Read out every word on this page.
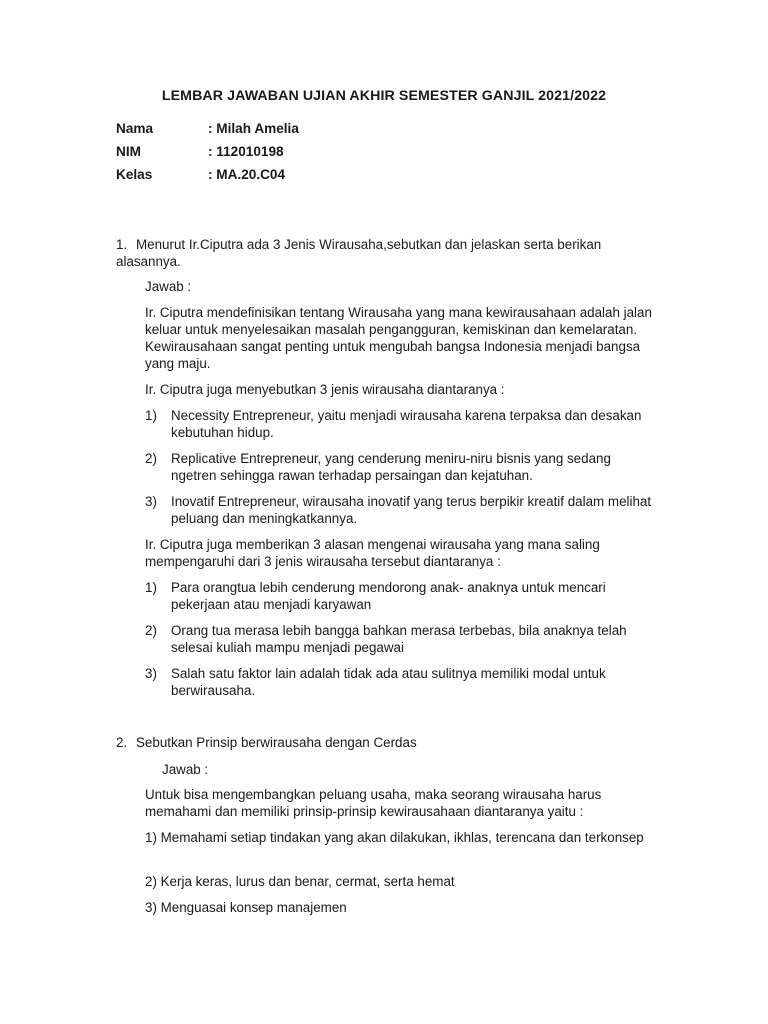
LEMBAR JAWABAN UJIAN AKHIR SEMESTER GANJIL 2021/2022
Nama	: Milah Amelia
NIM	: 112010198
Kelas	: MA.20.C04
1. Menurut Ir.Ciputra ada 3 Jenis Wirausaha,sebutkan dan jelaskan serta berikan alasannya.
Jawab :
Ir. Ciputra mendefinisikan tentang Wirausaha yang mana kewirausahaan adalah jalan keluar untuk menyelesaikan masalah pengangguran, kemiskinan dan kemelaratan. Kewirausahaan sangat penting untuk mengubah bangsa Indonesia menjadi bangsa yang maju.
Ir. Ciputra juga menyebutkan 3 jenis wirausaha diantaranya :
1) Necessity Entrepreneur, yaitu menjadi wirausaha karena terpaksa dan desakan kebutuhan hidup.
2) Replicative Entrepreneur, yang cenderung meniru-niru bisnis yang sedang ngetren sehingga rawan terhadap persaingan dan kejatuhan.
3) Inovatif Entrepreneur, wirausaha inovatif yang terus berpikir kreatif dalam melihat peluang dan meningkatkannya.
Ir. Ciputra juga memberikan 3 alasan mengenai wirausaha yang mana saling mempengaruhi dari 3 jenis wirausaha tersebut diantaranya :
1) Para orangtua lebih cenderung mendorong anak- anaknya untuk mencari pekerjaan atau menjadi karyawan
2) Orang tua merasa lebih bangga bahkan merasa terbebas, bila anaknya telah selesai kuliah mampu menjadi pegawai
3) Salah satu faktor lain adalah tidak ada atau sulitnya memiliki modal untuk berwirausaha.
2. Sebutkan Prinsip berwirausaha dengan Cerdas
Jawab :
Untuk bisa mengembangkan peluang usaha, maka seorang wirausaha harus memahami dan memiliki prinsip-prinsip kewirausahaan diantaranya yaitu :
1) Memahami setiap tindakan yang akan dilakukan, ikhlas, terencana dan terkonsep
2) Kerja keras, lurus dan benar, cermat, serta hemat
3) Menguasai konsep manajemen
